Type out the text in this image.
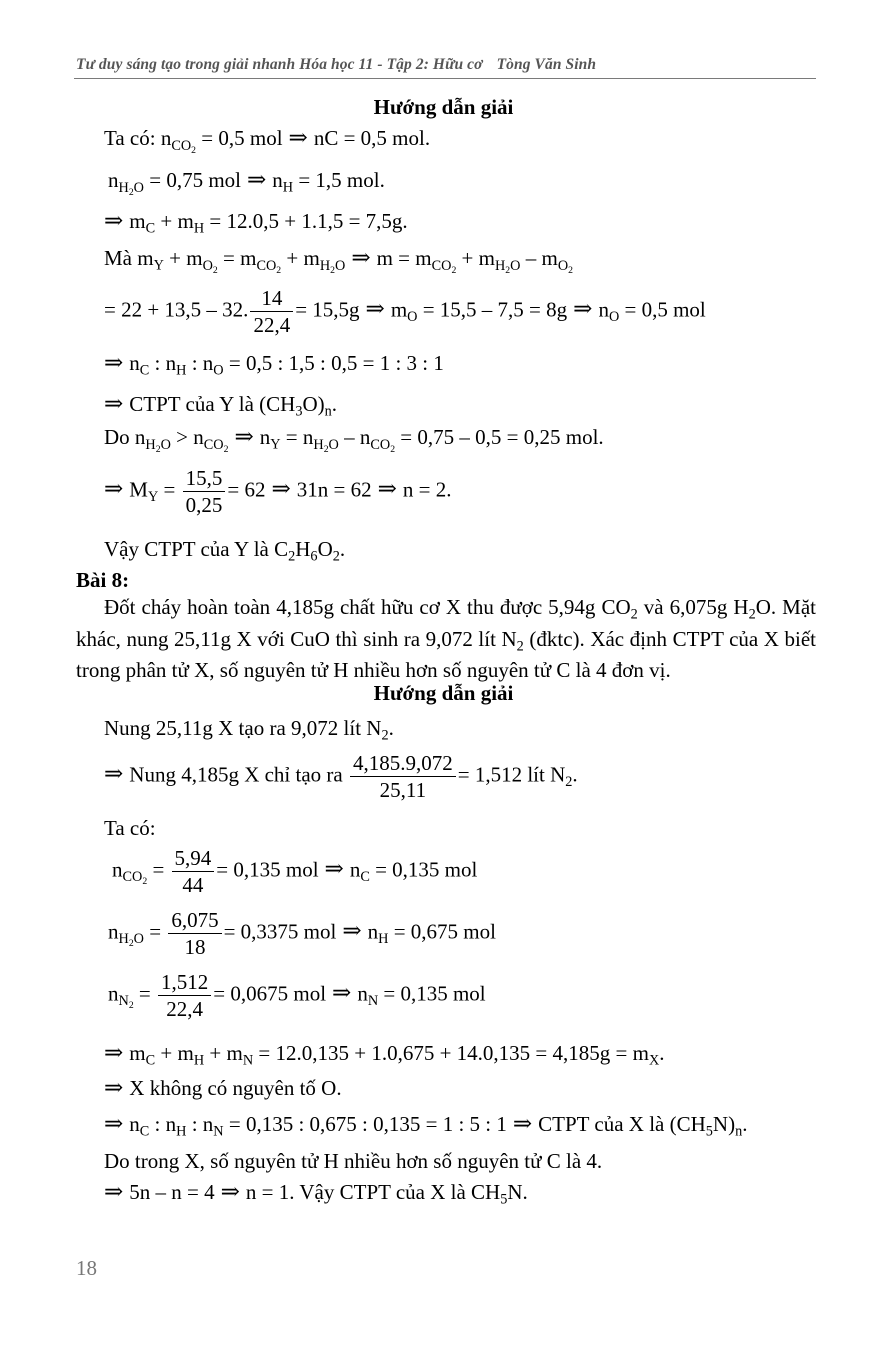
Tư duy sáng tạo trong giải nhanh Hóa học 11 - Tập 2: Hữu cơ Tòng Văn Sinh
Hướng dẫn giải
Ta có: $n_{CO_2} = 0,5$ mol ⇒ nC = 0,5 mol.
$n_{H_2O} = 0,75$ mol ⇒ $n_H = 1,5$ mol.
⇒ $m_C + m_H = 12.0,5 + 1.1,5 = 7,5g$.
Mà $m_Y + m_{O_2} = m_{CO_2} + m_{H_2O}$ ⇒ $m = m_{CO_2} + m_{H_2O} - m_{O_2}$
= 22 + 13,5 – 32. $\frac{14}{22,4} = 15,5g$ ⇒ $m_O = 15,5 - 7,5 = 8g$ ⇒ $n_O = 0,5$ mol
⇒ $n_C$ : $n_H$ : $n_O = 0,5$ : 1,5 : 0,5 = 1 : 3 : 1
⇒ CTPT của Y là $(CH_3O)_n$.
Do $n_{H_2O}$ > $n_{CO_2}\Rightarrow$ $n_Y = n_{H_2O} - n_{CO_2} = 0,75 - 0,5 = 0,25$ mol.
⇒ $M_Y = \frac{15,5}{0,25} = 62$ ⇒ 31n = 62 ⇒ n = 2.
Vậy CTPT của Y là $C_2H_6O_2$.
Bài 8:
Đốt cháy hoàn toàn 4,185g chất hữu cơ X thu được 5,94g $CO_2$ và 6,075g $H_2O$. Mặt khác, nung 25,11g X với CuO thì sinh ra 9,072 lít $N_2$ (đktc). Xác định CTPT của X biết trong phân tử X, số nguyên tử H nhiều hơn số nguyên tử C là 4 đơn vị.
Hướng dẫn giải
Nung 25,11g X tạo ra 9,072 lít $N_2$.
⇒ Nung 4,185g X chỉ tạo ra $\frac{4,185.9,072}{25,11} = 1,512$ lít $N_2$.
Ta có:
$n_{CO_2} = \frac{5,94}{44} = 0,135$ mol ⇒ $n_C = 0,135$ mol
$n_{H_2O} = \frac{6,075}{18} = 0,3375$ mol ⇒ $n_H = 0,675$ mol
$n_{N_2} = \frac{1,512}{22,4} = 0,0675$ mol ⇒ $n_N = 0,135$ mol
⇒ $m_C + m_H + m_N = 12.0,135 + 1.0,675 + 14.0,135 = 4,185g = m_X$.
⇒ X không có nguyên tố O.
⇒ $n_C$ : $n_H$ : $n_N = 0,135$ : 0,675 : 0,135 = 1 : 5 : 1 ⇒ CTPT của X là $(CH_5N)_n$.
Do trong X, số nguyên tử H nhiều hơn số nguyên tử C là 4.
⇒ 5n – n = 4 ⇒ n = 1. Vậy CTPT của X là $CH_5N$.
18
